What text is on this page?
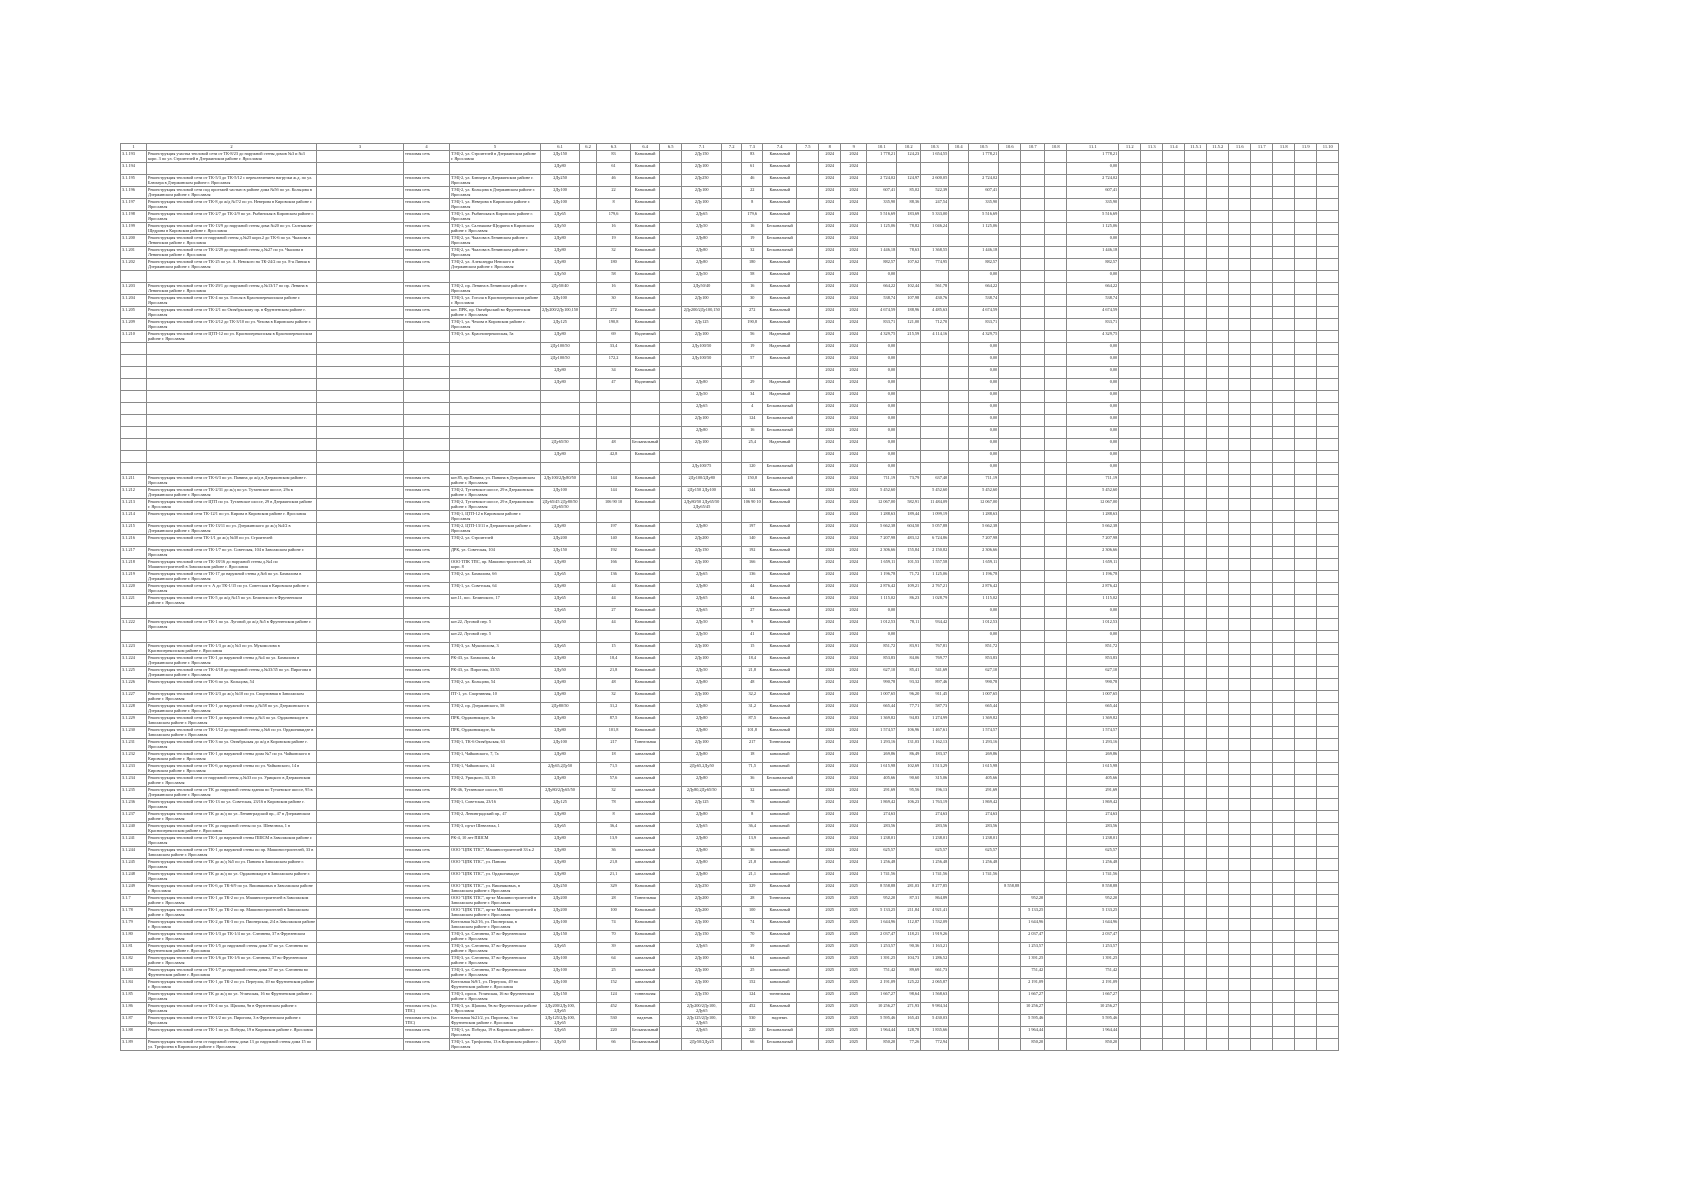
1	2	3	4	5	6.1	6.2	6.3	6.4	6.5	7.1	7.2	7.3	7.4	7.5	8	9	10.1	10.2	10.3	10.4	10.5	10.6	10.7	10.8	11.1	11.2	11.3	11.4	11.5.1	11.5.2	11.6	11.7	11.8	11.9	11.10
3.1.193	Реконструкция участка тепловой сети от ТК-8/23 до наружной стены домов №3 и №3 корп. 3 по ул. Строителей в Дзержинском районе г. Ярославля		тепловая сеть	ТЭЦ-2, ул. Строителей в Дзержинском районе г. Ярославля	2Ду150		83	Канальный		2Ду150		83	Канальный		2024	2024	1 778,21	124,23	1 654,55		1 778,21				1 778,21										
3.1.194					2Ду80		61	Канальный		2Ду100		61	Канальный		2024	2024									0,00										
3.1.195	Реконструкция тепловой сети от ТК-5/3 до ТК-5/12 с переключением нагрузки ж.д. по ул. Блюхера в Дзержинском районе г. Ярославля		тепловая сеть	ТЭЦ-2, ул. Блюхера в Дзержинском районе г. Ярославля	2Ду250		46	Канальный		2Ду250		46	Канальный		2024	2024	2 724,02	124,97	2 600,05		2 724,02				2 724,02										
3.1.196	Реконструкция тепловой сети под проезжей частью в районе дома №5б по ул. Кольцова в Дзержинском районе г. Ярославля		тепловая сеть	ТЭЦ-2, ул. Кольцова в Дзержинском районе г. Ярославля	2Ду100		22	Канальный		2Ду100		22	Канальный		2024	2024	607,41	85,02	522,39		607,41				607,41										
3.1.197	Реконструкция тепловой сети от ТК-8 до ж/д №7/2 по ул. Неверова в Кировском районе г. Ярославля		тепловая сеть	ТЭЦ-1, ул. Неверова в Кировском районе г. Ярославля	2Ду100		8	Канальный		2Ду100		8	Канальный		2024	2024	335,90	88,36	247,54		335,90				335,90										
3.1.198	Реконструкция тепловой сети от ТК-2/7 до ТК-2/9 по ул. Рыбинская в Кировском районе г. Ярославля		тепловая сеть	ТЭЦ-1, ул. Рыбинская в Кировском районе г. Ярославля	2Ду65		179,6	Канальный		2Ду65		179,6	Канальный		2024	2024	5 516,69	183,69	5 333,00		5 516,69				5 516,69										
3.1.199	Реконструкция тепловой сети от ТК-13/9 до наружной стены дома №20 по ул. Салтыкова-Щедрина в Кировском районе г. Ярославля		тепловая сеть	ТЭЦ-1, ул. Салтыкова-Щедрина в Кировском районе г. Ярославля	2Ду50		16	Канальный		2Ду50		16	Бесканальный		2024	2024	1 125,06	78,82	1 046,24		1 125,06				1 125,06										
3.1.200	Реконструкция тепловой сети от наружной стены д.№25 корп.2 до ТК-6 по ул. Чкалова в Ленинском районе г. Ярославля		тепловая сеть	ТЭЦ-2, ул. Чкалова в Ленинском районе г. Ярославля	2Ду80		19	Канальный		2Ду80		19	Бесканальный		2024	2024									0,00										
3.1.201	Реконструкция тепловой сети от ТК-2/29 до наружной стены д.№27 по ул. Чкалова в Ленинском районе г. Ярославля		тепловая сеть	ТЭЦ-2, ул. Чкалова в Ленинском районе г. Ярославля	2Ду80		32	Канальный		2Ду80		32	Бесканальный		2024	2024	1 446,18	78,63	1 368,55		1 446,18				1 446,18										
3.1.202	Реконструкция тепловой сети от ТК-25 по ул. А. Невского на ТК-24/2 по ул. 8-я Линия в Дзержинском районе г. Ярославля		тепловая сеть	ТЭЦ-2, ул. Александра Невского в Дзержинском районе г. Ярославля	2Ду80		180	Канальный		2Ду80		180	Канальный		2024	2024	882,57	107,62	774,95		882,57				882,57										
					2Ду50		58	Канальный		2Ду50		58	Канальный		2024	2024	0,00				0,00				0,00										
3.1.203	Реконструкция тепловой сети от ТК-29/1 до наружной стены д.№13/17 по пр. Ленина в Ленинском районе г. Ярославля		тепловая сеть	ТЭЦ-2, пр. Ленина в Ленинском районе г. Ярославля	2Ду50/40		16	Канальный		2Ду50/40		16	Канальный		2024	2024	664,22	102,44	561,78		664,22				664,22										
3.1.204	Реконструкция тепловой сети от ТК-4 по ул. Гоголя в Красноперекопском районе г. Ярославля		тепловая сеть	ТЭЦ-3, ул. Гоголя в Красноперекопском районе г. Ярославля	2Ду100		30	Канальный		2Ду100		30	Канальный		2024	2024	538,74	107,98	430,76		538,74				538,74										
3.1.205	Реконструкция тепловой сети от ТК-2/1 по Октябрьскому пр. в Фрунзенском районе г. Ярославля		тепловая сеть	кот. ПРК, пр. Октябрьский во Фрунзенском районе г. Ярославля	2Ду200/2Ду100,150		272	Канальный		2Ду200/2Ду100,150		272	Канальный		2024	2024	4 674,59	188,96	4 485,63		4 674,59				4 674,59										
3.1.209	Реконструкция тепловой сети от ТК-2/12 до ТК-3/10 по ул. Чехова в Кировском районе г. Ярославля		тепловая сеть	ТЭЦ-1, ул. Чехова в Кировском районе г. Ярославля	2Ду125		190,8	Канальный		2Ду125		190,8	Канальный		2024	2024	833,71	121,00	712,70		833,71				833,71										
3.1.210	Реконструкция тепловой сети от ЦТП-12 по ул. Красноперекопская в Красноперекопском районе г. Ярославля			ТЭЦ-3, ул. Красноперекопская, 5а	2Ду80		69	Надземный		2Ду100		56	Надземный		2024	2024	4 329,75	215,59	4 114,16		4 329,75				4 329,75										
					2Ду100/50		33,4	Канальный		2Ду100/50		19	Надземный		2024	2024	0,00				0,00				0,00										
					2Ду100/50		172,2	Канальный		2Ду100/50		57	Канальный		2024	2024	0,00				0,00				0,00										
					2Ду80		34	Канальный							2024	2024	0,00				0,00				0,00										
					2Ду80		47	Надземный		2Ду80		29	Надземный		2024	2024	0,00				0,00				0,00										
										2Ду50		34	Надземный		2024	2024	0,00				0,00				0,00										
										2Ду65		4	Бесканальный		2024	2024	0,00				0,00				0,00										
										2Ду100		124	Бесканальный		2024	2024	0,00				0,00				0,00										
										2Ду80		16	Бесканальный		2024	2024	0,00				0,00				0,00										
					2Ду65/50		48	Бесканальный		2Ду100		25,4	Надземный		2024	2024	0,00				0,00				0,00										
					2Ду80		42,8	Канальный							2024	2024	0,00				0,00				0,00										
										2Ду100/75		120	Бесканальный		2024	2024	0,00				0,00				0,00										
3.1.211	Реконструкция тепловой сети от ТК-6/3 по ул. Панина до ж/д в Дзержинском районе г. Ярославля		тепловая сеть	кот.85, пр.Панина, ул. Панина в Дзержинском районе г. Ярославля	2Ду100/2Ду80/50		144	Канальный		2Ду100/2Ду80		150,8	Бесканальный		2024	2024	711,19	73,79	637,40		711,19				711,19										
3.1.212	Реконструкция тепловой сети от ТК-2/31 до ж/д по ул. Тутаевское шоссе, 29а в Дзержинском районе г. Ярославля		тепловая сеть	ТЭЦ-2, Тутаевское шоссе, 29 в Дзержинском районе г. Ярославля	2Ду100		144	Канальный		2Ду150 2Ду100		144	Канальный		2024	2024	5 452,60		5 452,60		5 452,60				5 452,60										
3.1.213	Реконструкция тепловой сети от ЦТП по ул. Тутаевское шоссе, 29 в Дзержинском районе г. Ярославля		тепловая сеть	ТЭЦ-2, Тутаевское шоссе, 29 в Дзержинском районе г. Ярославля	2Ду65/45 2Ду80/50 2Ду65/50		106 90 10	Канальный		2Ду80/50 2Ду65/50 2Ду65/45		106 90 10	Канальный		2024	2024	12 067,00	582,91	11 484,09		12 067,00				12 067,00										
3.1.214	Реконструкция тепловой сети ТК-12/1 по ул. Кирова в Кировском районе г. Ярославля		тепловая сеть	ТЭЦ-1, ЦТП-12 в Кировском районе г. Ярославля											2024	2024	1 288,63	189,44	1 099,19		1 288,63				1 288,63										
3.1.215	Реконструкция тепловой сети от ТК-13/11 по ул. Дзержинского до ж/д №4/2 в Дзержинском районе г. Ярославля		тепловая сеть	ТЭЦ-2, ЦТП-13/11 в Дзержинском районе г. Ярославля	2Ду80		197	Канальный		2Ду80		197	Канальный		2024	2024	5 662,38	604,50	5 057,88		5 662,38				5 662,38										
3.1.216	Реконструкция тепловой сети ТК-1/1 до ж/д №30 по ул. Строителей		тепловая сеть	ТЭЦ-2, ул. Строителей	2Ду200		140	Канальный		2Ду200		140	Канальный		2024	2024	7 207,98	483,12	6 724,86		7 207,98				7 207,98										
3.1.217	Реконструкция тепловой сети от ТК-1/7 по ул. Советская, 104 в Заволжском районе г. Ярославля		тепловая сеть	ДРК, ул. Советская, 104	2Ду150		192	Канальный		2Ду150		192	Канальный		2024	2024	2 306,66	155,84	2 150,82		2 306,66				2 306,66										
3.1.218	Реконструкция тепловой сети от ТК-18/16 до наружной стены д.№4 по Машиностроителей в Заволжском районе г. Ярославля		тепловая сеть	ООО ТПК ТПС, пр. Машиностроителей, 24 корп. 8	2Ду80		166	Канальный		2Ду100		166	Канальный		2024	2024	1 659,11	101,53	1 557,58		1 659,11				1 659,11										
3.1.219	Реконструкция тепловой сети от ТК-17 до наружной стены д.№6 по ул. Бахвалова в Дзержинском районе г. Ярославля		тепловая сеть	ТЭЦ-2, ул. Бахвалова, 6б	2Ду65		136	Канальный		2Ду65		136	Канальный		2024	2024	1 196,78	71,72	1 125,06		1 196,78				1 196,78										
3.1.220	Реконструкция тепловой сети от т. А до ТК-1/15 по ул. Советская в Кировском районе г. Ярославля		тепловая сеть	ТЭЦ-1, ул. Советская, 64	2Ду80		44	Канальный		2Ду80		44	Канальный		2024	2024	2 876,42	109,21	2 767,21		2 876,42				2 876,42										
3.1.221	Реконструкция тепловой сети от ТК-5 до ж/д №15 по ул. Белинского в Фрунзенском районе г. Ярославля		тепловая сеть	кот.11, пос. Белинского, 17	2Ду65		44	Канальный		2Ду65		44	Канальный		2024	2024	1 115,02	86,23	1 028,79		1 115,02				1 115,02										
					2Ду65		27	Канальный		2Ду65		27	Канальный		2024	2024	0,00				0,00				0,00										
3.1.222	Реконструкция тепловой сети от ТК-1 по ул. Луговой до ж/д №5 в Фрунзенском районе г. Ярославля		тепловая сеть	кот.22, Луговой пер. 5	2Ду50		44	Канальный		2Ду50		9	Канальный		2024	2024	1 012,53	78,11	934,42		1 012,53				1 012,53										
			тепловая сеть	кот.22, Луговой пер. 5				Канальный		2Ду50		41	Канальный		2024	2024	0,00				0,00				0,00										
3.1.223	Реконструкция тепловой сети от ТК-1/3 до ж/д №3 по ул. Мукомолова в Красноперекопском районе г. Ярославля		тепловая сеть	ТЭЦ-3, ул. Мукомолова, 3	2Ду65		15	Канальный		2Ду100		15	Канальный		2024	2024	851,72	83,91	767,81		851,72				851,72										
3.1.224	Реконструкция тепловой сети от ТК-1 до наружной стены д.№4 по ул. Бахвалова в Дзержинском районе г. Ярославля		тепловая сеть	РК-43, ул. Бахвалова, 4а	2Ду80		18,4	Канальный		2Ду100		18,4	Канальный		2024	2024	853,83	84,06	769,77		853,83				853,83										
3.1.225	Реконструкция тепловой сети от ТК-4/18 до наружной стены д.№33/35 по ул. Пирогова в Дзержинском районе г. Ярославля		тепловая сеть	РК-43, ул. Пирогова, 33/35	2Ду50		21,8	Канальный		2Ду50		21,8	Канальный		2024	2024	627,10	85,41	541,69		627,10				627,10										
3.1.226	Реконструкция тепловой сети от ТК-6 по ул. Кольцова, 54		тепловая сеть	ТЭЦ-2, ул. Кольцова, 54	2Ду80		48	Канальный		2Ду80		48	Канальный		2024	2024	990,78	93,32	897,46		990,78				990,78										
3.1.227	Реконструкция тепловой сети от ТК-2/3 до ж/д №10 по ул. Спортивная в Заволжском районе г. Ярославля		тепловая сеть	ПТ-1, ул. Спортивная, 10	2Ду80		32	Канальный		2Ду100		32,2	Канальный		2024	2024	1 007,65	96,20	911,45		1 007,65				1 007,65										
3.1.228	Реконструкция тепловой сети от ТК-1 до наружной стены д.№58 по ул. Дзержинского в Дзержинском районе г. Ярославля		тепловая сеть	ТЭЦ-2, пр. Дзержинского, 58	2Ду80/50		31,2	Канальный		2Ду80		31,2	Канальный		2024	2024	665,44	77,71	587,73		665,44				665,44										
3.1.229	Реконструкция тепловой сети от ТК-1 до наружной стены д.№3 по ул. Орджоникидзе в Заволжском районе г. Ярославля		тепловая сеть	ПРК, Орджоникидзе, 3а	2Ду80		87,5	Канальный		2Ду80		87,5	Канальный		2024	2024	1 369,82	94,83	1 274,99		1 369,82				1 369,82										
3.1.230	Реконструкция тепловой сети от ТК-1/12 до наружной стены д.№6 по ул. Орджоникидзе в Заволжском районе г. Ярославля		тепловая сеть	ПРК, Орджоникидзе, 6а	2Ду80		101,8	Канальный		2Ду80		101,8	Канальный		2024	2024	1 574,57	106,96	1 467,61		1 574,57				1 574,57										
3.1.231	Реконструкция тепловой сети от ТК-3 по ул. Октябрьская до ж/д в Кировском районе г. Ярославля		тепловая сеть	ТЭЦ-1, ТК-6 Октябрьская, 63	2Ду100		217	Тоннельная		2Ду100		217	Тоннельная		2024	2024	1 293,16	131,03	1 162,13		1 293,16				1 293,16										
3.1.232	Реконструкция тепловой сети от ТК-1 до наружной стены дома №7 по ул. Чайковского в Кировском районе г. Ярославля		тепловая сеть	ТЭЦ-1, Чайковского, 7, 7а	2Ду80		18	канальный		2Ду80		18	канальный		2024	2024	269,86	86,49	183,37		269,86				269,86										
3.1.233	Реконструкция тепловой сети от ТК-6 до наружной стены по ул. Чайковского, 14 в Кировском районе г. Ярославля		тепловая сеть	ТЭЦ-1, Чайковского, 14	2Ду65,2Ду50		71,5	канальный		2Ду65,2Ду50		71,5	канальный		2024	2024	1 615,98	102,69	1 513,29		1 615,98				1 615,98										
3.1.234	Реконструкция тепловой сети от наружной стены д.№33 по ул. Урицкого в Дзержинском районе г. Ярославля		тепловая сеть	ТЭЦ-2, Урицкого, 33, 35	2Ду80		57,6	канальный		2Ду80		36	Бесканальный		2024	2024	405,66	90,60	315,06		405,66				405,66										
3.1.235	Реконструкция тепловой сети от ТК до наружной стены здания по Тутаевское шоссе, 95 в Дзержинском районе г. Ярославля		тепловая сеть	РК-46, Тутаевское шоссе, 95	2Ду80/2Ду65/50		32	канальный		2Ду80,2Ду65/50		32	канальный		2024	2024	291,69	95,56	196,13		291,69				291,69										
3.1.236	Реконструкция тепловой сети от ТК-13 по ул. Советская, 23/16 в Кировском районе г. Ярославля		тепловая сеть	ТЭЦ-1, Советская, 23/16	2Ду125		78	канальный		2Ду125		78	канальный		2024	2024	1 869,42	106,23	1 763,19		1 869,42				1 869,42										
3.1.237	Реконструкция тепловой сети от ТК до ж/д по ул. Ленинградский пр., 47 в Дзержинском районе г. Ярославля		тепловая сеть	ТЭЦ-2, Ленинградский пр., 47	2Ду80		8	канальный		2Ду80		8	канальный		2024	2024	274,63		274,63		274,63				274,63										
3.1.240	Реконструкция тепловой сети от ТК до наружной стены по ул. Шевелюха, 1 в Красноперекопском районе г. Ярославля		тепловая сеть	ТЭЦ-3, пр-кт Шевелюха, 1	2Ду65		36,4	канальный		2Ду65		36,4	канальный		2024	2024	283,56		283,56		283,56				283,56										
3.1.241	Реконструкция тепловой сети от ТК-1 до наружной стены ПШСМ в Заволжском районе г. Ярославля		тепловая сеть	РК-4, 10 лет ПШСМ	2Ду80		13,9	канальный		2Ду80		13,9	канальный		2024	2024	1 238,01		1 238,01		1 238,01				1 238,01										
3.1.244	Реконструкция тепловой сети от ТК-1 до наружной стены по пр. Машиностроителей, 33 в Заволжском районе г. Ярославля		тепловая сеть	ООО "ЦПК ТПС", Машиностроителей 33 к.2	2Ду80		36	канальный		2Ду80		36	канальный		2024	2024	625,57		625,57		625,57				625,57										
3.1.245	Реконструкция тепловой сети от ТК до ж/д №5 по ул. Панина в Заволжском районе г. Ярославля		тепловая сеть	ООО "ЦПК ТПС", ул. Панина	2Ду80		21,8	канальный		2Ду80		21,8	канальный		2024	2024	1 256,48		1 256,48		1 256,48				1 256,48										
3.1.248	Реконструкция тепловой сети от ТК до ж/д по ул. Орджоникидзе в Заволжском районе г. Ярославля		тепловая сеть	ООО "ЦПК ТПС", ул. Орджоникидзе	2Ду80		21,1	канальный		2Ду80		21,1	канальный		2024	2024	1 741,56		1 741,56		1 741,56				1 741,56										
3.1.249	Реконструкция тепловой сети от ТК-6 до ТК-6/9 по ул. Вишняковых в Заволжском районе г. Ярославля		тепловая сеть	ООО "ЦПК ТПС", ул. Вишняковых, в Заволжском районе г. Ярославля	2Ду250		329	Канальный		2Ду250		329	Канальный		2024	2025	8 558,88	281,03	8 277,85			8 558,88			8 558,88										
3.1.7	Реконструкция тепловой сети от ТК-1 до ТК-2 по ул. Машиностроителей в Заволжском районе г. Ярославля		тепловая сеть	ООО "ЦПК ТПС", пр-кт Машиностроителей в Заволжском районе г. Ярославля	2Ду200		28	Тоннельная		2Ду200		28	Тоннельная		2025	2025	952,20	87,31	864,89				952,20		952,20										
3.1.78	Реконструкция тепловой сети от ТК-1 до ТК-2 по пр. Машиностроителей в Заволжском районе г. Ярославля		тепловая сеть	ООО "ЦПК ТПС", пр-кт Машиностроителей в Заволжском районе г. Ярославля	2Ду200		100	Канальный		2Ду200		100	Канальный		2025	2025	5 133,25	211,84	4 921,41				5 133,25		5 133,25										
3.1.79	Реконструкция тепловой сети от ТК-2 до ТК-3 по ул. Пионерская, 2/4 в Заволжском районе г. Ярославля		тепловая сеть	Котельная №2/16, ул. Пионерская, в Заволжском районе г. Ярославля	2Ду100		74	Канальный		2Ду100		74	Канальный		2025	2025	1 644,96	112,87	1 532,09				1 644,96		1 644,96										
3.1.80	Реконструкция тепловой сети от ТК-1/3 до ТК-1/4 по ул. Слепнева, 37 в Фрунзенском районе г. Ярославля		тепловая сеть	ТЭЦ-3, ул. Слепнева, 37 во Фрунзенском районе г. Ярославля	2Ду150		70	Канальный		2Ду150		70	Канальный		2025	2025	2 037,47	118,21	1 919,26				2 037,47		2 037,47										
3.1.81	Реконструкция тепловой сети от ТК-1/5 до наружной стены дома 37 по ул. Слепнева во Фрунзенском районе г. Ярославля		тепловая сеть	ТЭЦ-3, ул. Слепнева, 37 во Фрунзенском районе г. Ярославля	2Ду65		39	канальный		2Ду65		39	канальный		2025	2025	1 253,57	90,36	1 163,21				1 253,57		1 253,57										
3.1.82	Реконструкция тепловой сети от ТК-1/6 до ТК-1/6 по ул. Слепнева, 37 во Фрунзенском районе г. Ярославля		тепловая сеть	ТЭЦ-3, ул. Слепнева, 37 во Фрунзенском районе г. Ярославля	2Ду100		64	канальный		2Ду100		64	канальный		2025	2025	1 391,25	104,73	1 286,52				1 391,25		1 391,25										
3.1.83	Реконструкция тепловой сети от ТК-1/7 до наружной стены дома 37 по ул. Слепнева во Фрунзенском районе г. Ярославля		тепловая сеть	ТЭЦ-3, ул. Слепнева, 37 во Фрунзенском районе г. Ярославля	2Ду100		25	канальный		2Ду100		25	канальный		2025	2025	751,42	89,69	661,73				751,42		751,42										
3.1.84	Реконструкция тепловой сети от ТК-1 до ТК-2 по ул. Переулок, 49 во Фрунзенском районе г. Ярославля		тепловая сеть	Котельная №9/1, ул. Переулок, 49 во Фрунзенском районе г. Ярославля	2Ду100		152	канальный		2Ду100		152	канальный		2025	2025	2 191,09	125,22	2 065,87				2 191,09		2 191,09										
3.1.85	Реконструкция тепловой сети от ТК до ж/д по ул. Угличская, 16 во Фрунзенском районе г. Ярославля		тепловая сеть	ТЭЦ-3, просп. Угличская, 16 во Фрунзенском районе г. Ярославля	2Ду150		124	тоннельная		2Ду150		124	тоннельная		2025	2025	1 667,27	98,64	1 568,63				1 667,27		1 667,27										
3.1.86	Реконструкция тепловой сети от ТК-4 по ул. Щапова, 9в в Фрунзенском районе г. Ярославля		тепловая сеть (эл. ТПС)	ТЭЦ-3, ул. Щапова, 9в во Фрунзенском районе г. Ярославля	2Ду200/2Ду100, 2Ду65		452	Канальный		2Ду200/2Ду100, 2Ду65		452	Канальный		2025	2025	10 256,27	271,93	9 984,34				10 256,27		10 256,27										
3.1.87	Реконструкция тепловой сети от ТК-1/2 по ул. Пирогова, 3 в Фрунзенском районе г. Ярославля		тепловая сеть (эл. ТПС)	Котельная №21/2, ул. Пирогова, 3 во Фрунзенском районе г. Ярославля	2Ду125/2Ду100, 2Ду65		530	надземн.		2Ду125/2Ду100, 2Ду65		530	надземн.		2025	2025	5 595,46	165,43	5 430,03				5 595,46		5 595,46										
3.1.88	Реконструкция тепловой сети от ТК-1 по ул. Победы, 19 в Кировском районе г. Ярославля		тепловая сеть	ТЭЦ-1, ул. Победы, 19 в Кировском районе г. Ярославля	2Ду65		220	Бесканальный		2Ду65		220	Бесканальный		2025	2025	1 964,44	128,78	1 835,66				1 964,44		1 964,44										
3.1.89	Реконструкция тепловой сети от наружной стены дома 13 до наружной стены дома 15 по ул. Трефолева в Кировском районе г. Ярославля		тепловая сеть	ТЭЦ-1, ул. Трефолева, 13 в Кировском районе г. Ярославля	2Ду50		66	Бесканальный		2Ду50/2Ду25		66	Бесканальный		2025	2025	850,20	77,26	772,94				850,20		850,20										
